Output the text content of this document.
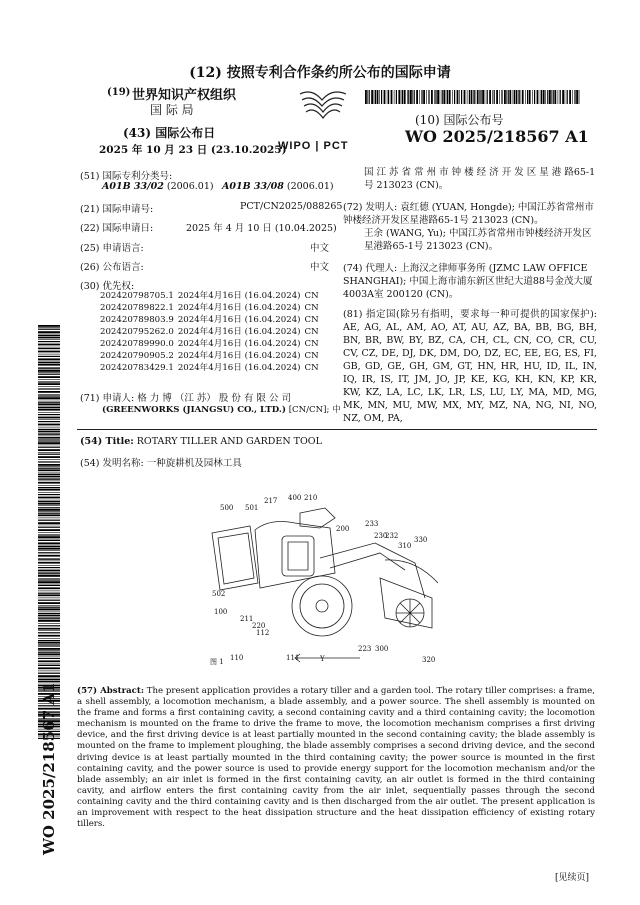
(12) 按照专利合作条约所公布的国际申请
(19) 世界知识产权组织
国 际 局
(43) 国际公布日
2025 年 10 月 23 日 (23.10.2025)
WIPO | PCT
(10) 国际公布号
WO 2025/218567 A1
(51) 国际专利分类号:
A01B 33/02 (2006.01) A01B 33/08 (2006.01)
(21) 国际申请号:	PCT/CN2025/088265
(22) 国际申请日:	2025 年 4 月 10 日 (10.04.2025)
(25) 申请语言:	中文
(26) 公布语言:	中文
(30) 优先权:
202420798705.1	2024年4月16日 (16.04.2024)	CN
202420789822.1	2024年4月16日 (16.04.2024)	CN
202420789803.9	2024年4月16日 (16.04.2024)	CN
202420795262.0	2024年4月16日 (16.04.2024)	CN
202420789990.0	2024年4月16日 (16.04.2024)	CN
202420790905.2	2024年4月16日 (16.04.2024)	CN
202420783429.1	2024年4月16日 (16.04.2024)	CN
(71) 申请人: 格 力 博 （江 苏） 股 份 有 限 公 司
(GREENWORKS (JIANGSU) CO., LTD.) [CN/CN]; 中
国 江 苏 省 常 州 市 钟 楼 经 济 开 发 区 星 港 路65-1号 213023 (CN)。
(72) 发明人: 袁红德 (YUAN, Hongde); 中国江苏省常州市钟楼经济开发区星港路65-1号 213023 (CN)。
王余 (WANG, Yu); 中国江苏省常州市钟楼经济开发区星港路65-1号 213023 (CN)。
(74) 代理人: 上海汉之律师事务所 (JZMC LAW OFFICE SHANGHAI); 中国上海市浦东新区世纪大道88号金茂大厦4003A室 200120 (CN)。
(81) 指定国(除另有指明，要求每一种可提供的国家保护): AE, AG, AL, AM, AO, AT, AU, AZ, BA, BB, BG, BH, BN, BR, BW, BY, BZ, CA, CH, CL, CN, CO, CR, CU, CV, CZ, DE, DJ, DK, DM, DO, DZ, EC, EE, EG, ES, FI, GB, GD, GE, GH, GM, GT, HN, HR, HU, ID, IL, IN, IQ, IR, IS, IT, JM, JO, JP, KE, KG, KH, KN, KP, KR, KW, KZ, LA, LC, LK, LR, LS, LU, LY, MA, MD, MG, MK, MN, MU, MW, MX, MY, MZ, NA, NG, NI, NO, NZ, OM, PA,
(54) Title: ROTARY TILLER AND GARDEN TOOL
(54) 发明名称: 一种旋耕机及园林工具
500 501
217 400 210
200
233
230
232
310
330
502
100
211
220
112
110	111	Y
223 300
320
图 1
(57) Abstract: The present application provides a rotary tiller and a garden tool. The rotary tiller comprises: a frame, a shell assembly, a locomotion mechanism, a blade assembly, and a power source. The shell assembly is mounted on the frame and forms a first containing cavity, a second containing cavity and a third containing cavity; the locomotion mechanism is mounted on the frame to drive the frame to move, the locomotion mechanism comprises a first driving device, and the first driving device is at least partially mounted in the second containing cavity; the blade assembly is mounted on the frame to implement ploughing, the blade assembly comprises a second driving device, and the second driving device is at least partially mounted in the third containing cavity; the power source is mounted in the first containing cavity, and the power source is used to provide energy support for the locomotion mechanism and/or the blade assembly; an air inlet is formed in the first containing cavity, an air outlet is formed in the third containing cavity, and airflow enters the first containing cavity from the air inlet, sequentially passes through the second containing cavity and the third containing cavity and is then discharged from the air outlet. The present application is an improvement with respect to the heat dissipation structure and the heat dissipation efficiency of existing rotary tillers.
WO 2025/218567 A1
[见续页]
